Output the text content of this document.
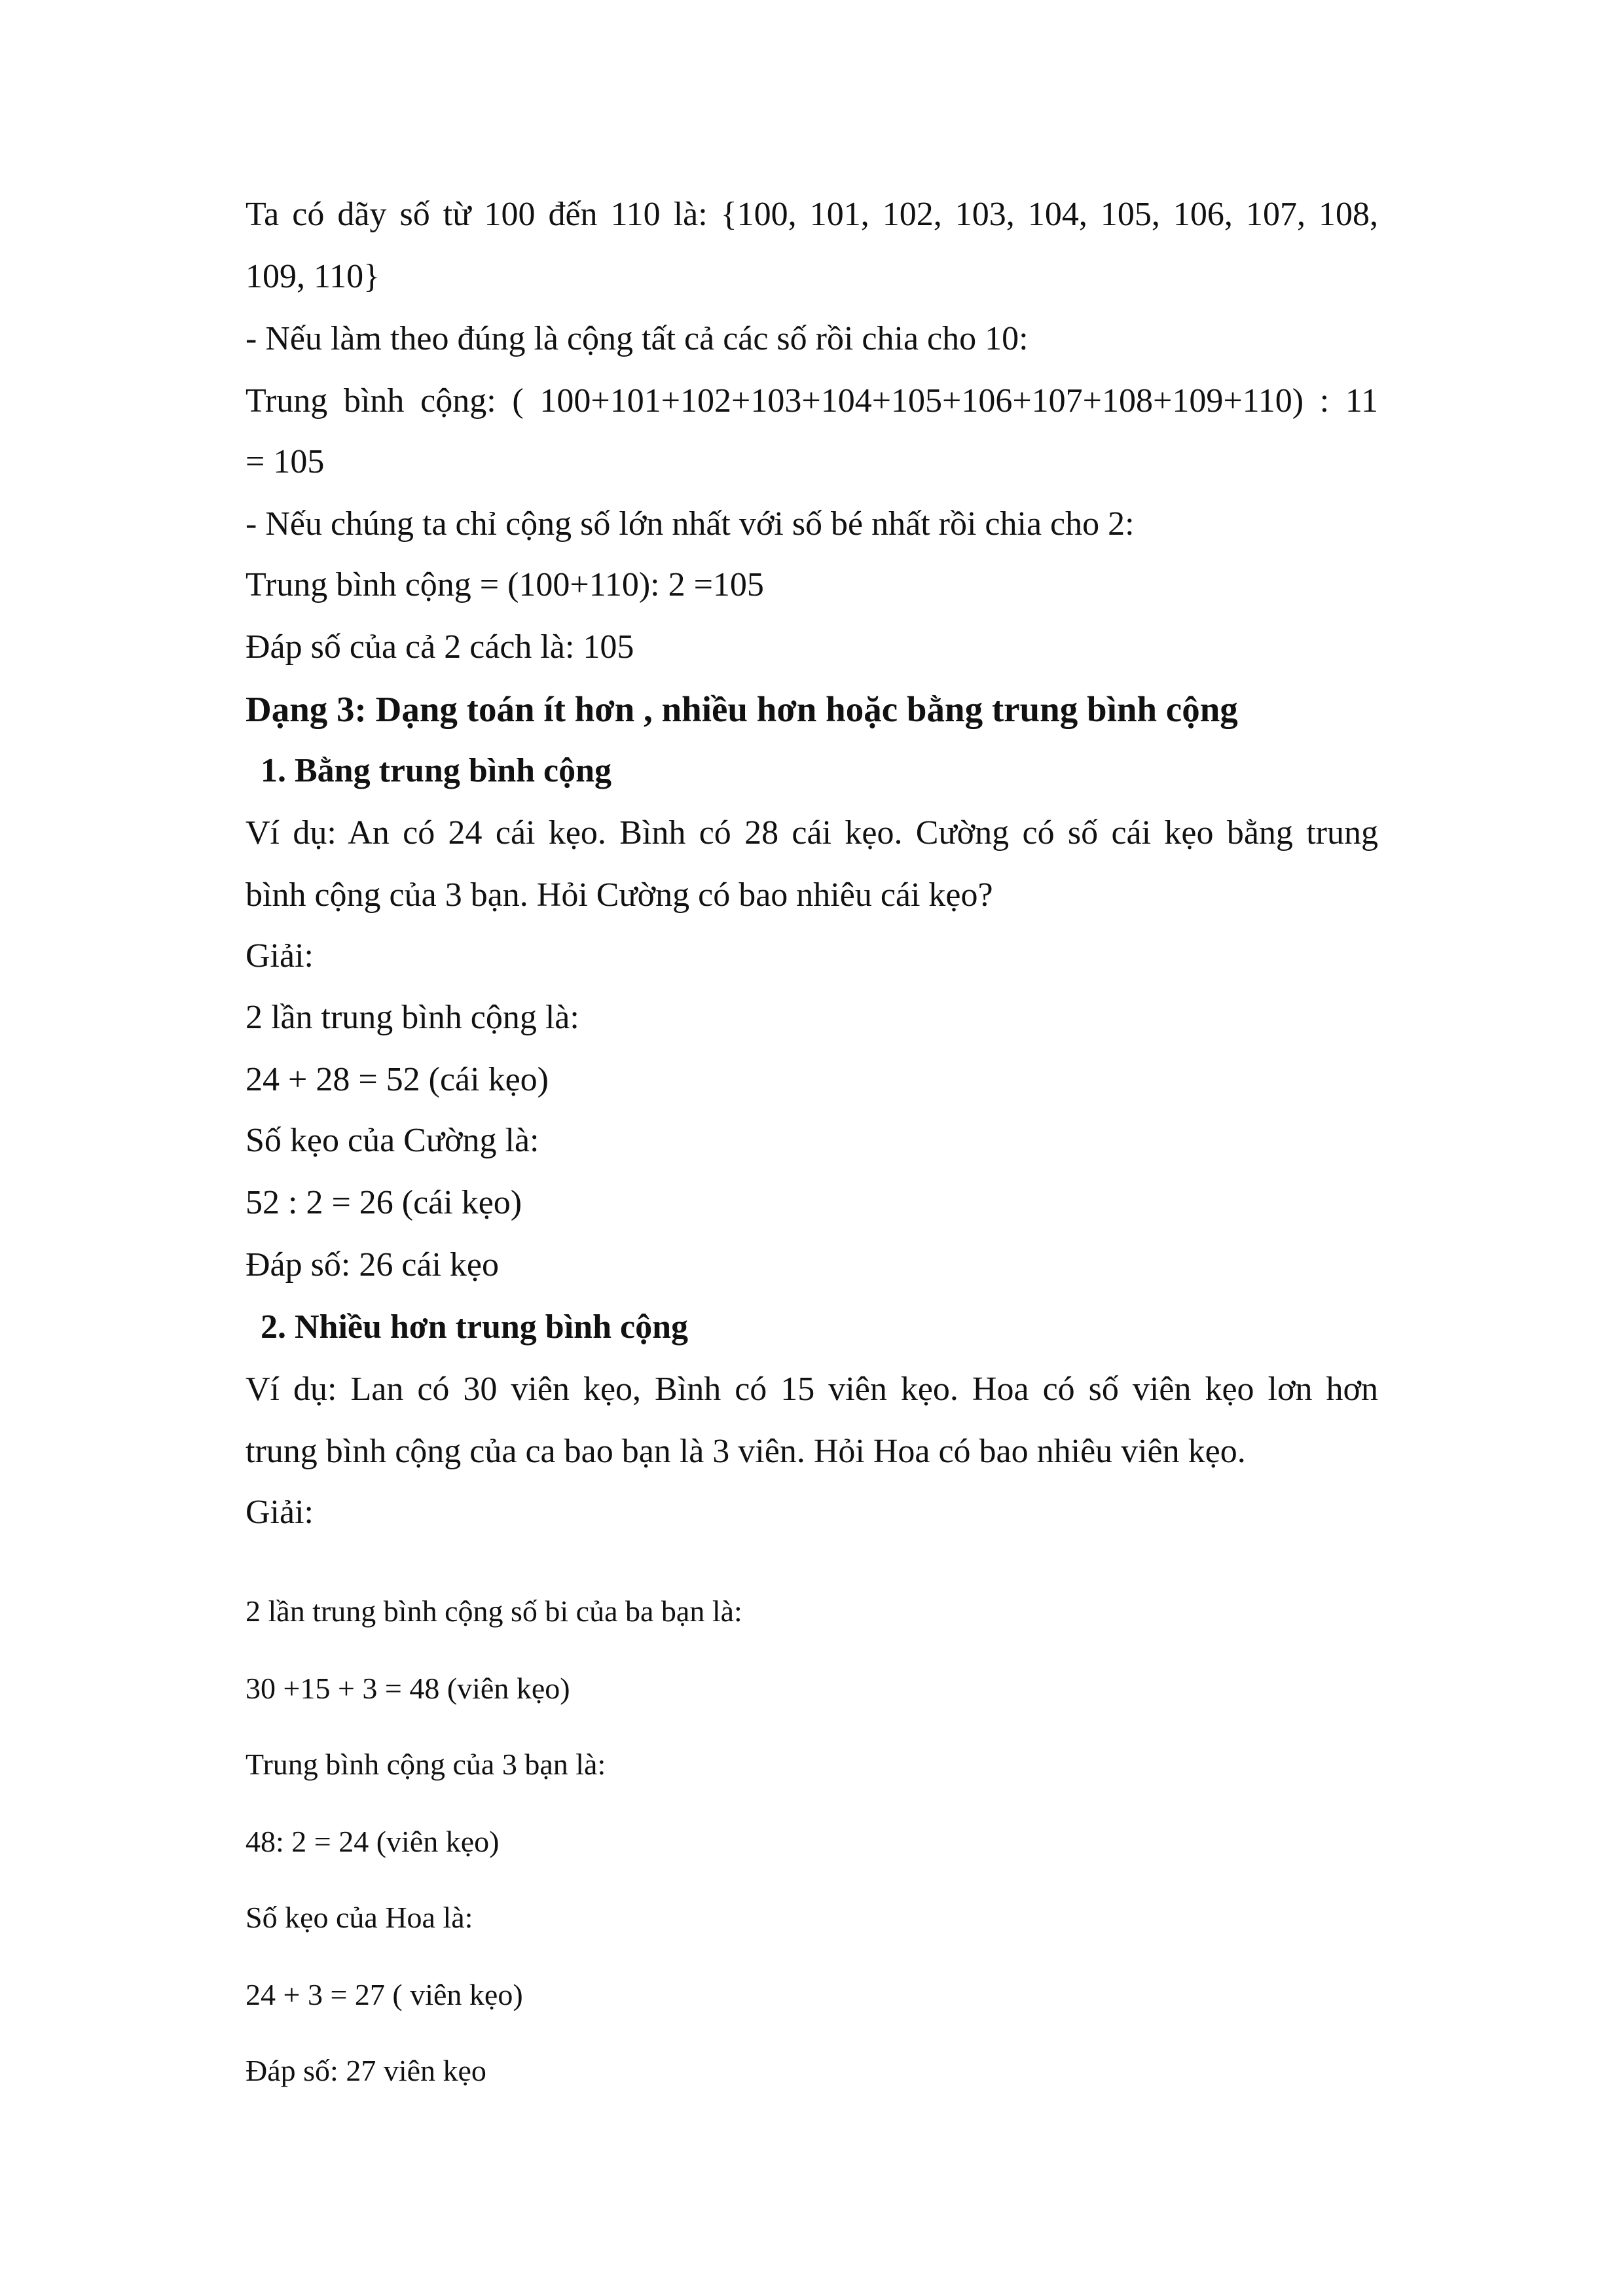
Ta có dãy số từ 100 đến 110 là: {100, 101, 102, 103, 104, 105, 106, 107, 108,
109, 110}
- Nếu làm theo đúng là cộng tất cả các số rồi chia cho 10:
Trung bình cộng: ( 100+101+102+103+104+105+106+107+108+109+110) : 11
= 105
- Nếu chúng ta chỉ cộng số lớn nhất với số bé nhất rồi chia cho 2:
Trung bình cộng = (100+110): 2 =105
Đáp số của cả 2 cách là: 105
Dạng 3: Dạng toán ít hơn , nhiều hơn hoặc bằng trung bình cộng
1. Bằng trung bình cộng
Ví dụ: An có 24 cái kẹo. Bình có 28 cái kẹo. Cường có số cái kẹo bằng trung
bình cộng của 3 bạn. Hỏi Cường có bao nhiêu cái kẹo?
Giải:
2 lần trung bình cộng là:
24 + 28 = 52 (cái kẹo)
Số kẹo của Cường là:
52 : 2 = 26 (cái kẹo)
Đáp số: 26 cái kẹo
2. Nhiều hơn trung bình cộng
Ví dụ: Lan có 30 viên kẹo, Bình có 15 viên kẹo. Hoa có số viên kẹo lơn hơn
trung bình cộng của ca bao bạn là 3 viên. Hỏi Hoa có bao nhiêu viên kẹo.
Giải:
2 lần trung bình cộng số bi của ba bạn là:
30 +15 + 3 = 48 (viên kẹo)
Trung bình cộng của 3 bạn là:
48: 2 = 24 (viên kẹo)
Số kẹo của Hoa là:
24 + 3 = 27 ( viên kẹo)
Đáp số: 27 viên kẹo
